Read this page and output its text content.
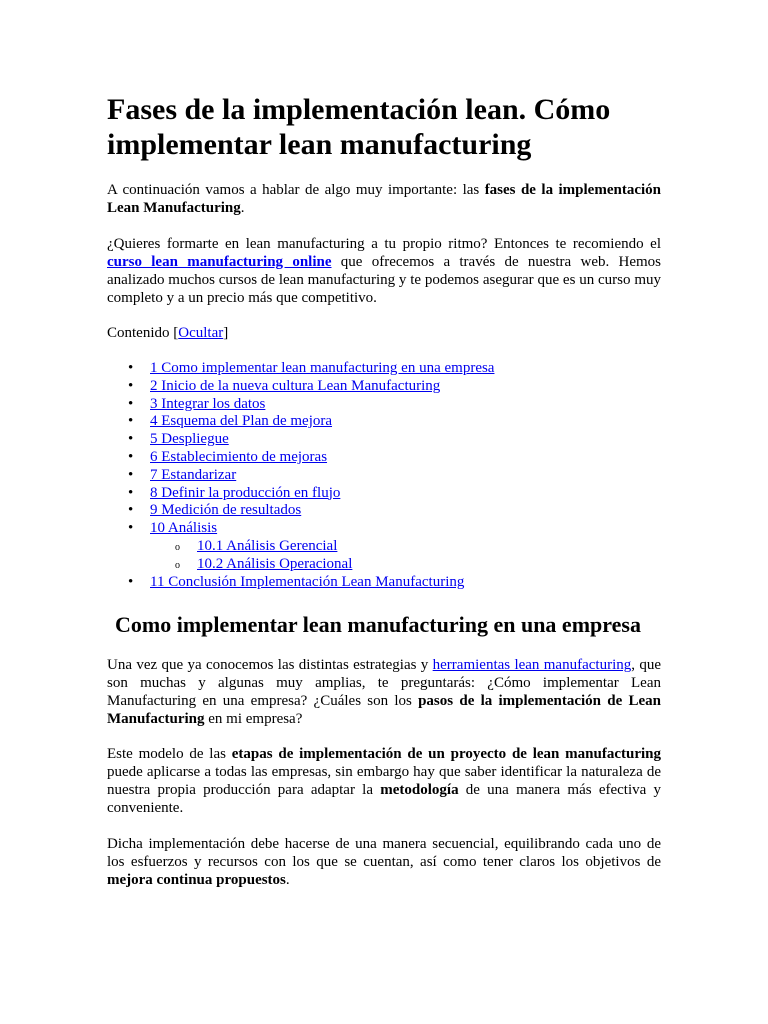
Fases de la implementación lean. Cómo implementar lean manufacturing

A continuación vamos a hablar de algo muy importante: las fases de la implementación Lean Manufacturing.

¿Quieres formarte en lean manufacturing a tu propio ritmo? Entonces te recomiendo el curso lean manufacturing online que ofrecemos a través de nuestra web. Hemos analizado muchos cursos de lean manufacturing y te podemos asegurar que es un curso muy completo y a un precio más que competitivo.

Contenido [Ocultar]

• 1 Como implementar lean manufacturing en una empresa
• 2 Inicio de la nueva cultura Lean Manufacturing
• 3 Integrar los datos
• 4 Esquema del Plan de mejora
• 5 Despliegue
• 6 Establecimiento de mejoras
• 7 Estandarizar
• 8 Definir la producción en flujo
• 9 Medición de resultados
• 10 Análisis
o 10.1 Análisis Gerencial
o 10.2 Análisis Operacional
• 11 Conclusión Implementación Lean Manufacturing
Como implementar lean manufacturing en una empresa

Una vez que ya conocemos las distintas estrategias y herramientas lean manufacturing, que son muchas y algunas muy amplias, te preguntarás: ¿Cómo implementar Lean Manufacturing en una empresa? ¿Cuáles son los pasos de la implementación de Lean Manufacturing en mi empresa?

Este modelo de las etapas de implementación de un proyecto de lean manufacturing puede aplicarse a todas las empresas, sin embargo hay que saber identificar la naturaleza de nuestra propia producción para adaptar la metodología de una manera más efectiva y conveniente.

Dicha implementación debe hacerse de una manera secuencial, equilibrando cada uno de los esfuerzos y recursos con los que se cuentan, así como tener claros los objetivos de mejora continua propuestos.
